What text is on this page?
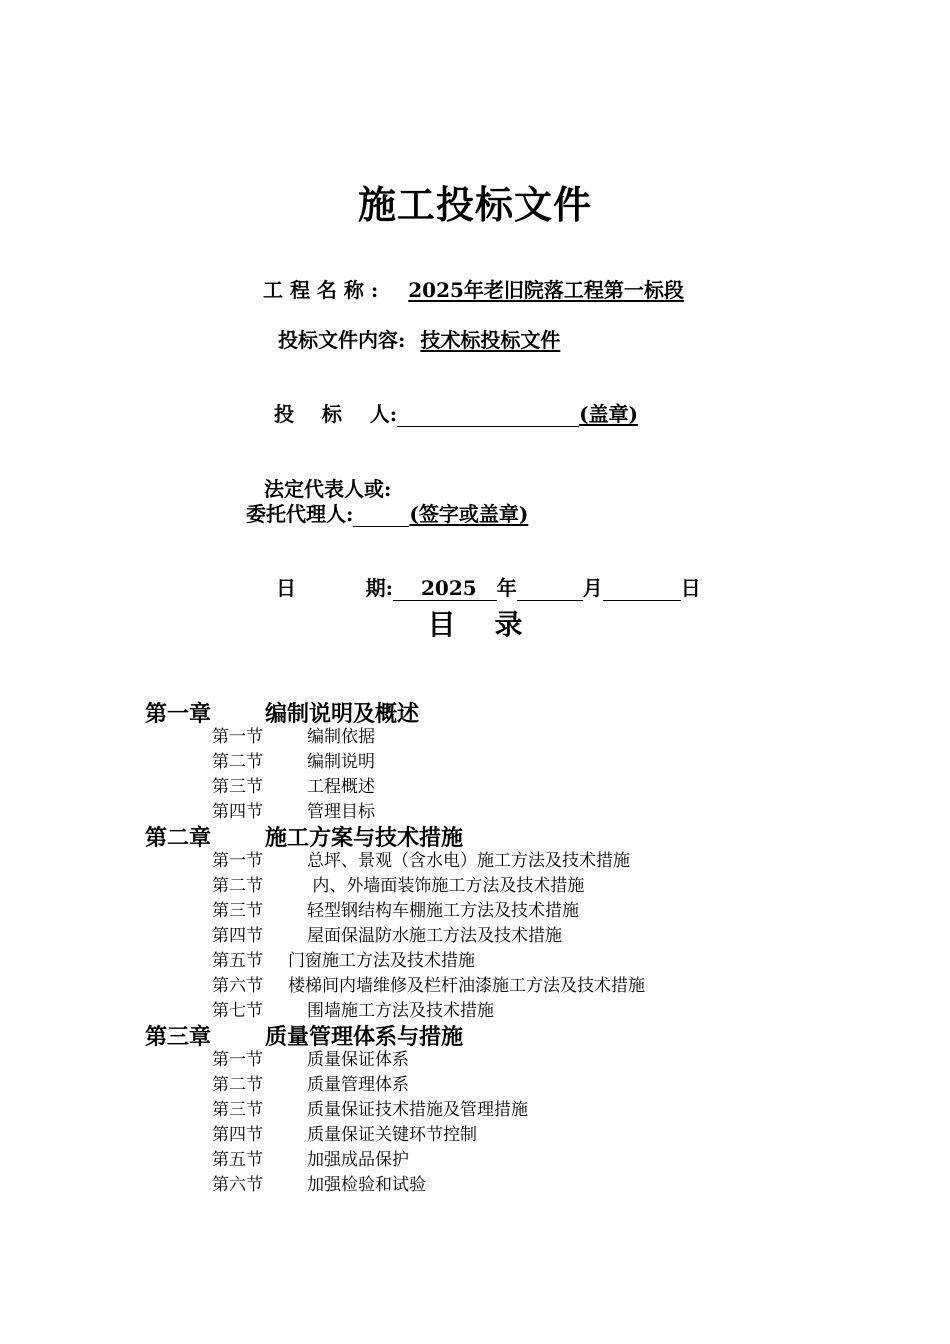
施工投标文件
工 程 名 称 : 2025年老旧院落工程第一标段
投标文件内容: 技术标投标文件
投    标    人:	(盖章)
法定代表人或:
委托代理人:	(签字或盖章)
日          期: 2025 年	月	日
目    录
第一章 编制说明及概述
第一节	编制依据
第二节	编制说明
第三节	工程概述
第四节	管理目标
第二章 施工方案与技术措施
第一节	总坪、景观（含水电）施工方法及技术措施
第二节	内、外墙面装饰施工方法及技术措施
第三节	轻型钢结构车棚施工方法及技术措施
第四节	屋面保温防水施工方法及技术措施
第五节 门窗施工方法及技术措施
第六节 楼梯间内墙维修及栏杆油漆施工方法及技术措施
第七节	围墙施工方法及技术措施
第三章 质量管理体系与措施
第一节	质量保证体系
第二节	质量管理体系
第三节	质量保证技术措施及管理措施
第四节	质量保证关键环节控制
第五节	加强成品保护
第六节	加强检验和试验
